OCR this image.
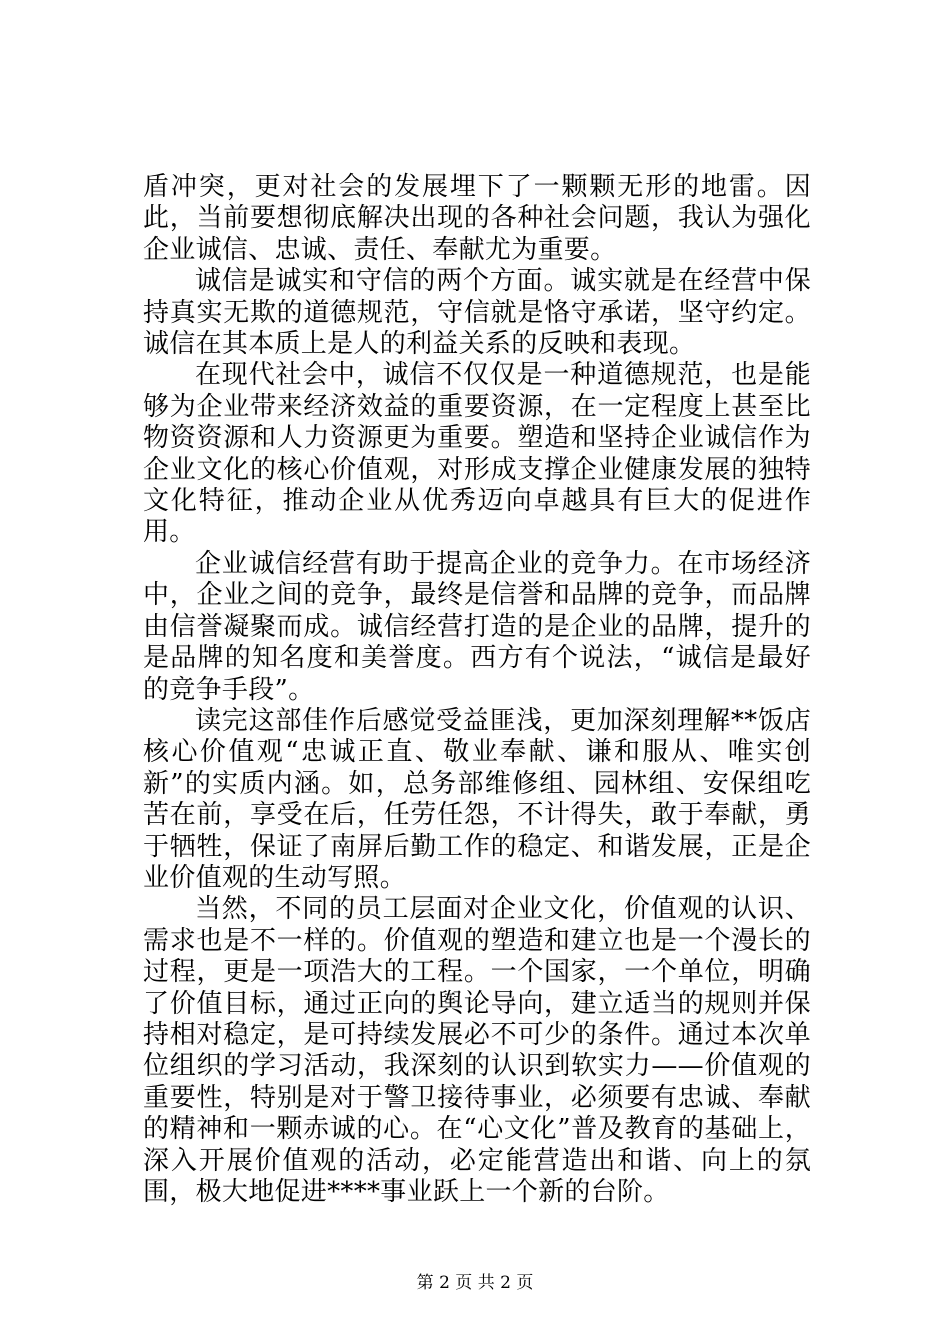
盾冲突，更对社会的发展埋下了一颗颗无形的地雷。因此，当前要想彻底解决出现的各种社会问题，我认为强化企业诚信、忠诚、责任、奉献尤为重要。

诚信是诚实和守信的两个方面。诚实就是在经营中保持真实无欺的道德规范，守信就是恪守承诺，坚守约定。诚信在其本质上是人的利益关系的反映和表现。

在现代社会中，诚信不仅仅是一种道德规范，也是能够为企业带来经济效益的重要资源，在一定程度上甚至比物资资源和人力资源更为重要。塑造和坚持企业诚信作为企业文化的核心价值观，对形成支撑企业健康发展的独特文化特征，推动企业从优秀迈向卓越具有巨大的促进作用。

企业诚信经营有助于提高企业的竞争力。在市场经济中，企业之间的竞争，最终是信誉和品牌的竞争，而品牌由信誉凝聚而成。诚信经营打造的是企业的品牌，提升的是品牌的知名度和美誉度。西方有个说法，“诚信是最好的竞争手段”。

读完这部佳作后感觉受益匪浅，更加深刻理解**饭店核心价值观“忠诚正直、敬业奉献、谦和服从、唯实创新”的实质内涵。如，总务部维修组、园林组、安保组吃苦在前，享受在后，任劳任怨，不计得失，敢于奉献，勇于牺牲，保证了南屏后勤工作的稳定、和谐发展，正是企业价值观的生动写照。

当然，不同的员工层面对企业文化，价值观的认识、需求也是不一样的。价值观的塑造和建立也是一个漫长的过程，更是一项浩大的工程。一个国家，一个单位，明确了价值目标，通过正向的舆论导向，建立适当的规则并保持相对稳定，是可持续发展必不可少的条件。通过本次单位组织的学习活动，我深刻的认识到软实力——价值观的重要性，特别是对于警卫接待事业，必须要有忠诚、奉献的精神和一颗赤诚的心。在“心文化”普及教育的基础上，深入开展价值观的活动，必定能营造出和谐、向上的氛围，极大地促进****事业跃上一个新的台阶。

第 2 页 共 2 页
